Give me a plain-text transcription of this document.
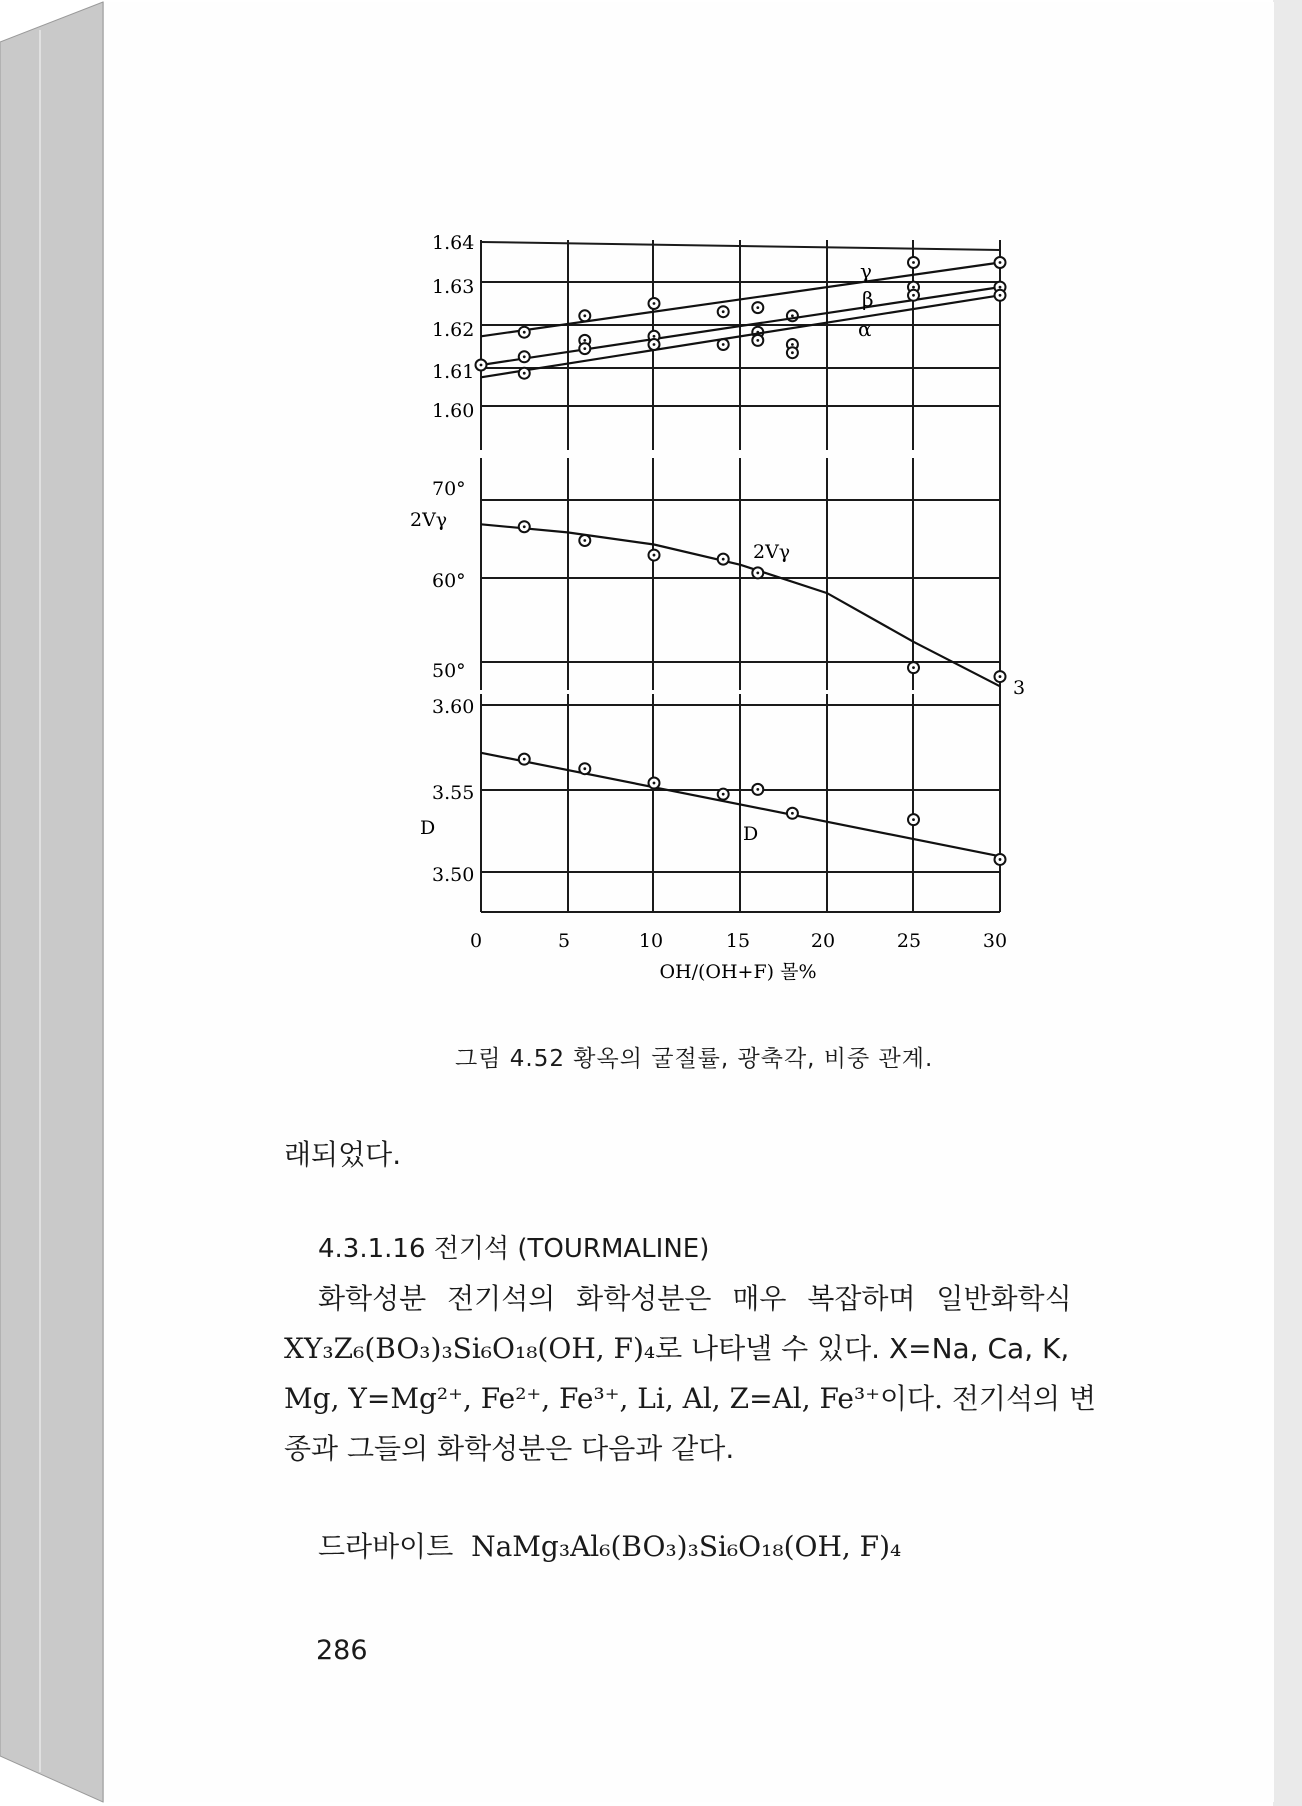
1.64
1.63
1.62
1.61
1.60
γ
β
α
70°
2Vγ
60°
50°
2Vγ
3
3.60
3.55
D
3.50
D
0	5	10	15	20	25	30
OH/(OH+F) 몰%
그림 4.52 황옥의 굴절률, 광축각, 비중 관계.
래되었다.
4.3.1.16 전기석 (TOURMALINE)
화학성분 전기석의 화학성분은 매우 복잡하며 일반화학식
XY₃Z₆(BO₃)₃Si₆O₁₈(OH, F)₄로 나타낼 수 있다. X=Na, Ca, K,
Mg, Y=Mg²⁺, Fe²⁺, Fe³⁺, Li, Al, Z=Al, Fe³⁺이다. 전기석의 변
종과 그들의 화학성분은 다음과 같다.
드라바이트 NaMg₃Al₆(BO₃)₃Si₆O₁₈(OH, F)₄
286
